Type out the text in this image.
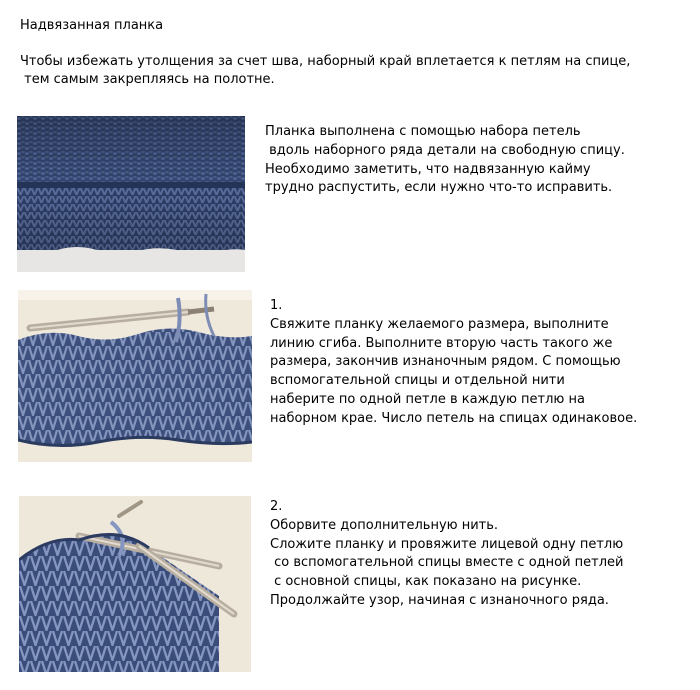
Надвязанная планка
Чтобы избежать утолщения за счет шва, наборный край вплетается к петлям на спице,
тем самым закрепляясь на полотне.
Планка выполнена с помощью набора петель
вдоль наборного ряда детали на свободную спицу.
Необходимо заметить, что надвязанную кайму
трудно распустить, если нужно что-то исправить.
1.
Свяжите планку желаемого размера, выполните
линию сгиба. Выполните вторую часть такого же
размера, закончив изнаночным рядом. С помощью
вспомогательной спицы и отдельной нити
наберите по одной петле в каждую петлю на
наборном крае. Число петель на спицах одинаковое.
2.
Оборвите дополнительную нить.
Сложите планку и провяжите лицевой одну петлю
со вспомогательной спицы вместе с одной петлей
с основной спицы, как показано на рисунке.
Продолжайте узор, начиная с изнаночного ряда.
